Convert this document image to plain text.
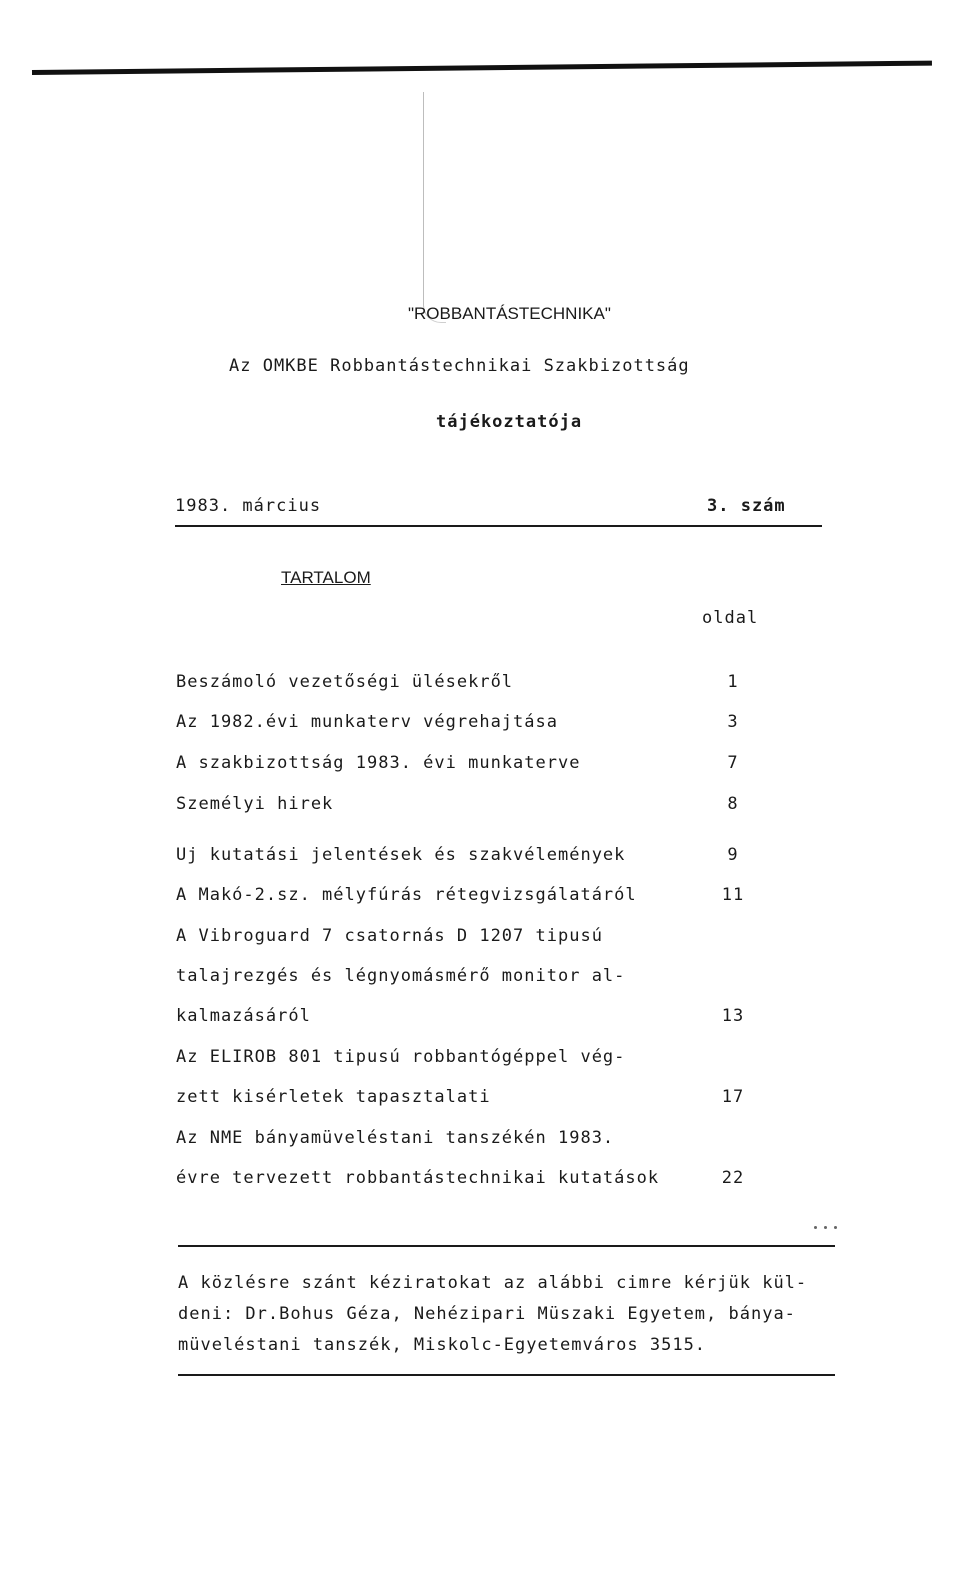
"ROBBANTÁSTECHNIKA"
Az OMKBE Robbantástechnikai Szakbizottság
tájékoztatója
1983. március	3. szám
TARTALOM
oldal
Beszámoló vezetőségi ülésekről	1
Az 1982.évi munkaterv végrehajtása	3
A szakbizottság 1983. évi munkaterve	7
Személyi hirek	8
Uj kutatási jelentések és szakvélemények	9
A Makó-2.sz. mélyfúrás rétegvizsgálatáról	11
A Vibroguard 7 csatornás D 1207 tipusú
talajrezgés és légnyomásmérő monitor al-
kalmazásáról	13
Az ELIROB 801 tipusú robbantógéppel vég-
zett kisérletek tapasztalati	17
Az NME bányamüveléstani tanszékén 1983.
évre tervezett robbantástechnikai kutatások	22
A közlésre szánt kéziratokat az alábbi cimre kérjük kül-
deni: Dr.Bohus Géza, Nehézipari Müszaki Egyetem, bánya-
müveléstani tanszék, Miskolc-Egyetemváros 3515.
